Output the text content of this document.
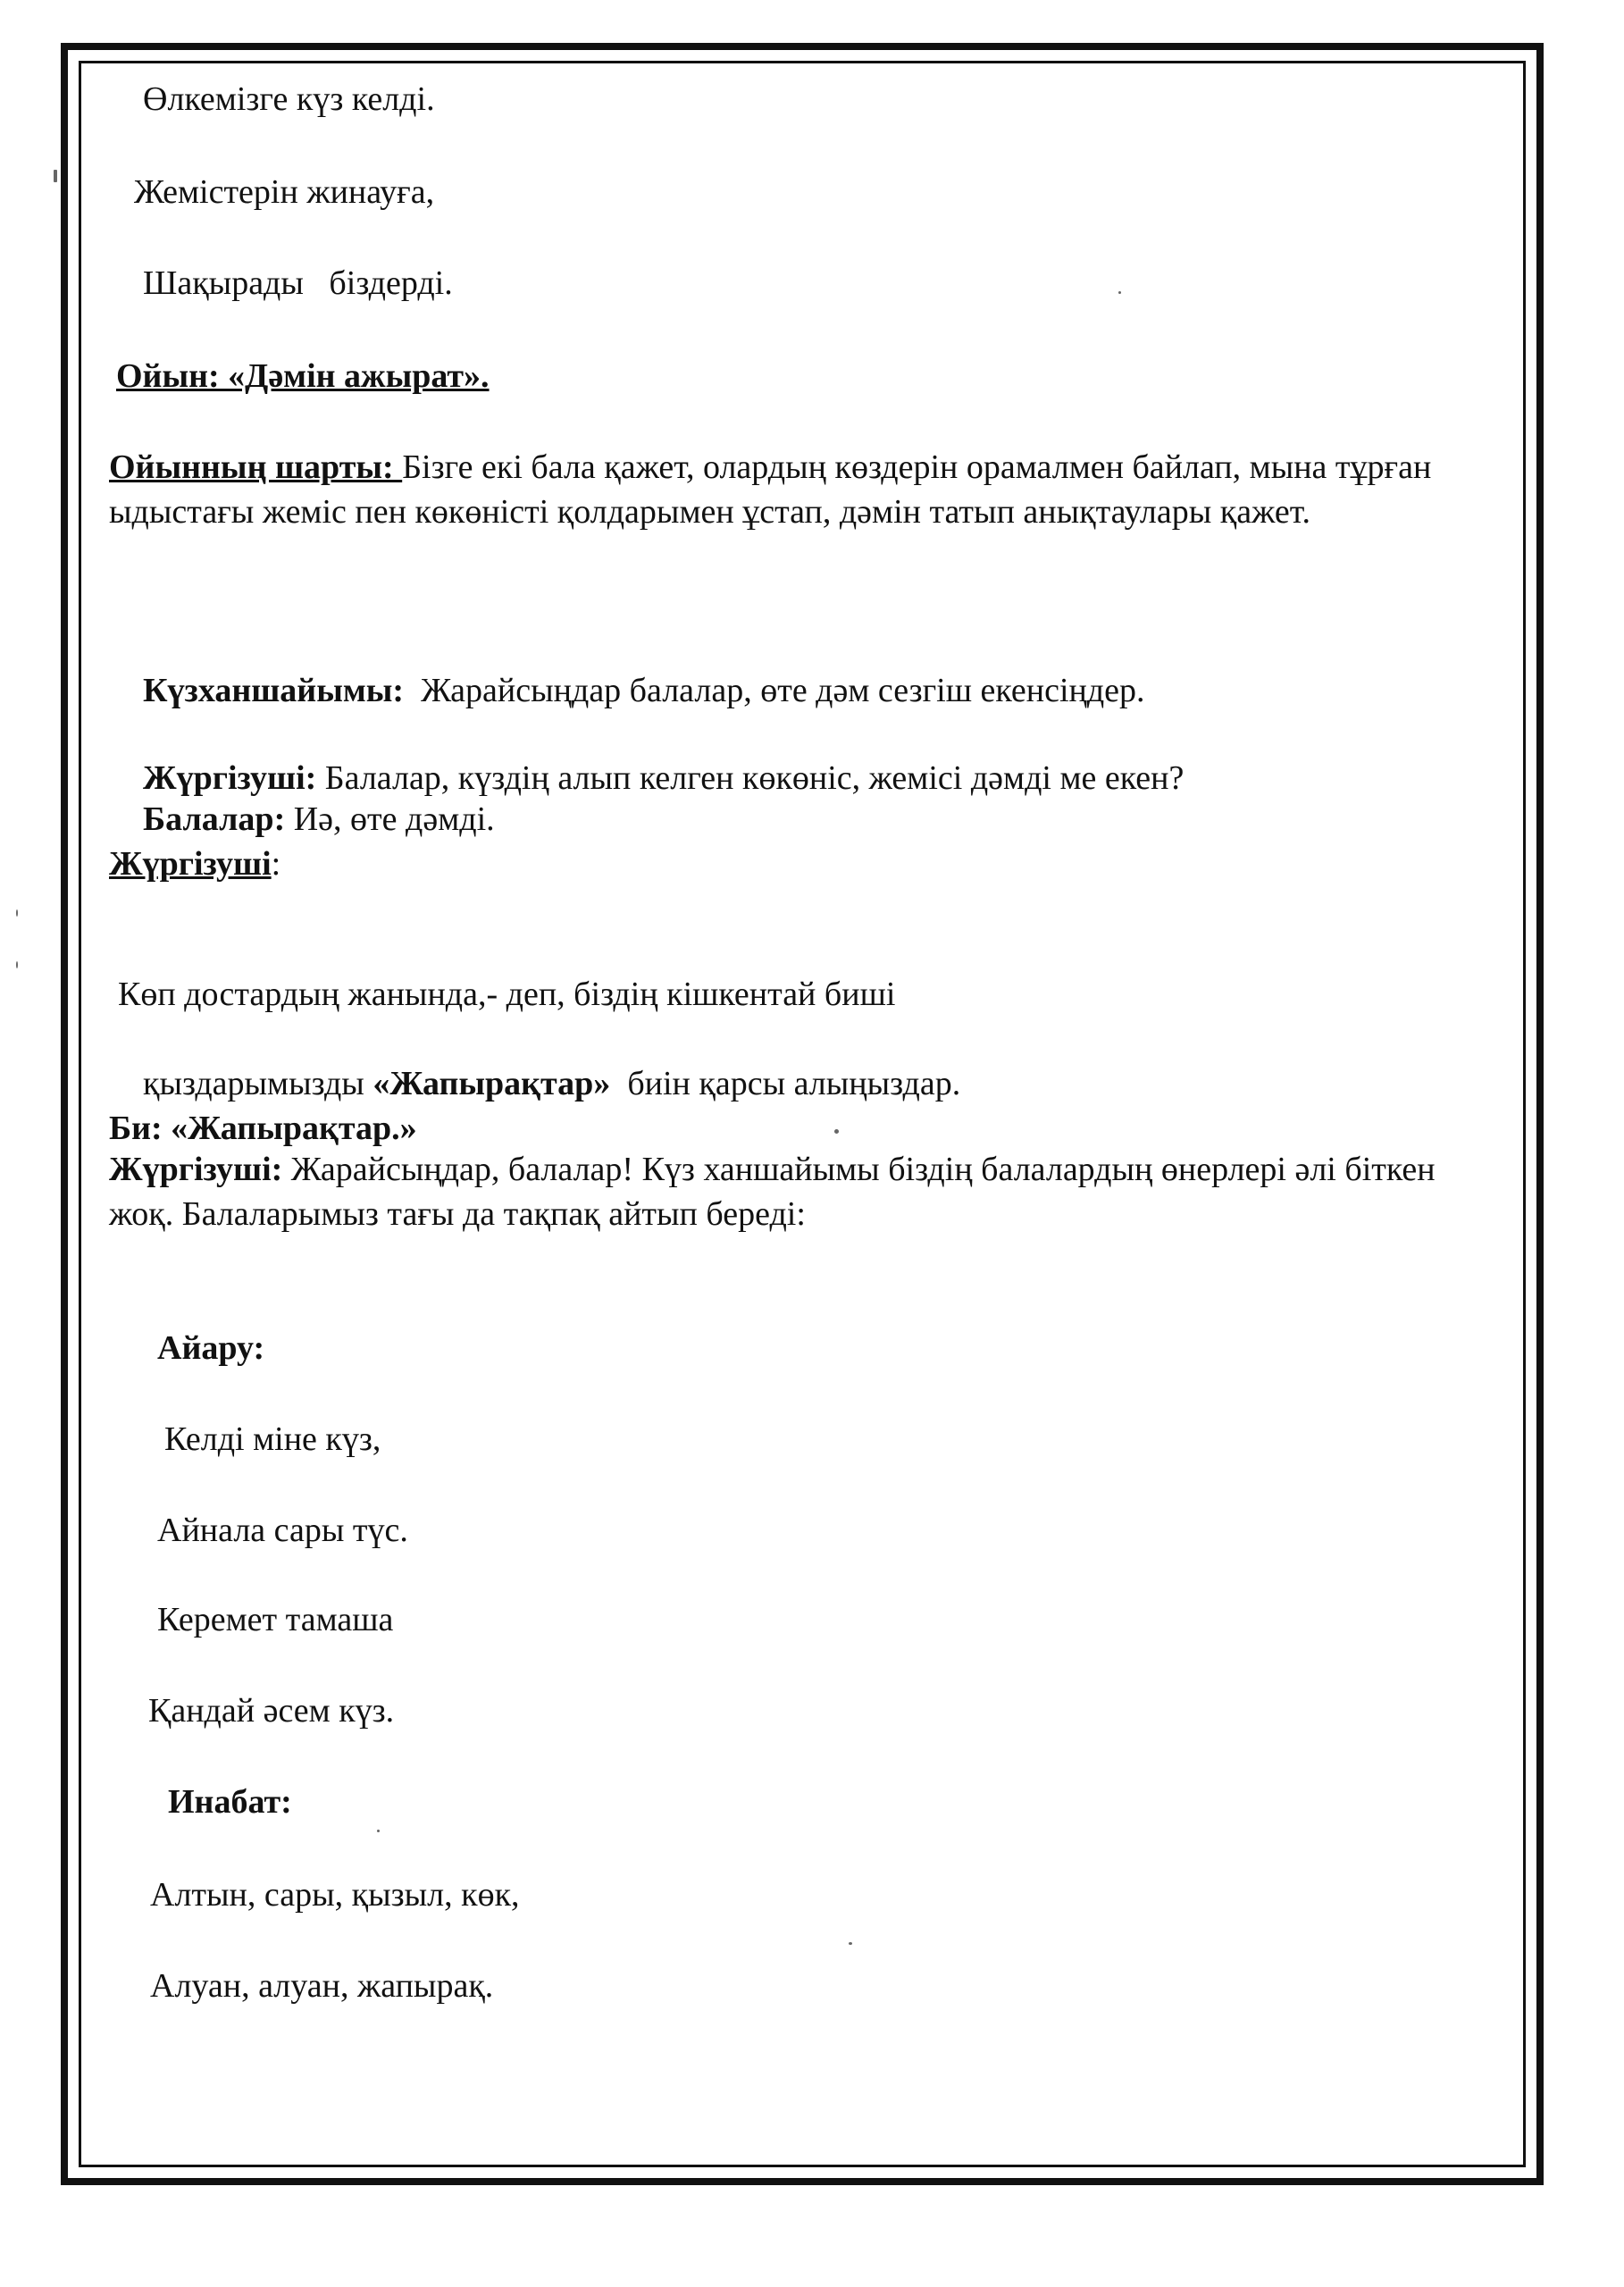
Өлкемізге күз келді.
Жемістерін жинауға,
Шақырады   біздерді.
Ойын: «Дәмін ажырат».
Ойынның шарты: Бізге екі бала қажет, олардың көздерін орамалмен байлап, мына тұрған ыдыстағы жеміс пен көкөністі қолдарымен ұстап, дәмін татып анықтаулары қажет.

Күзханшайымы:  Жарайсыңдар балалар, өте дәм сезгіш екенсіңдер.

Жүргізуші: Балалар, күздің алып келген көкөніс, жемісі дәмді ме екен?

Балалар: Иә, өте дәмді.

Жүргізуші:
Көп достардың жанында,- деп, біздің кішкентай биші

қыздарымызды «Жапырақтар»  биін қарсы алыңыздар.

Би: «Жапырақтар.»
Жүргізуші: Жарайсыңдар, балалар! Күз ханшайымы біздің балалардың өнерлері әлі біткен жоқ. Балаларымыз тағы да тақпақ айтып береді:
Айару:
Келді міне күз,
Айнала сары түс.
Керемет тамаша
Қандай әсем күз.
Инабат:
Алтын, сары, қызыл, көк,
Алуан, алуан, жапырақ.
